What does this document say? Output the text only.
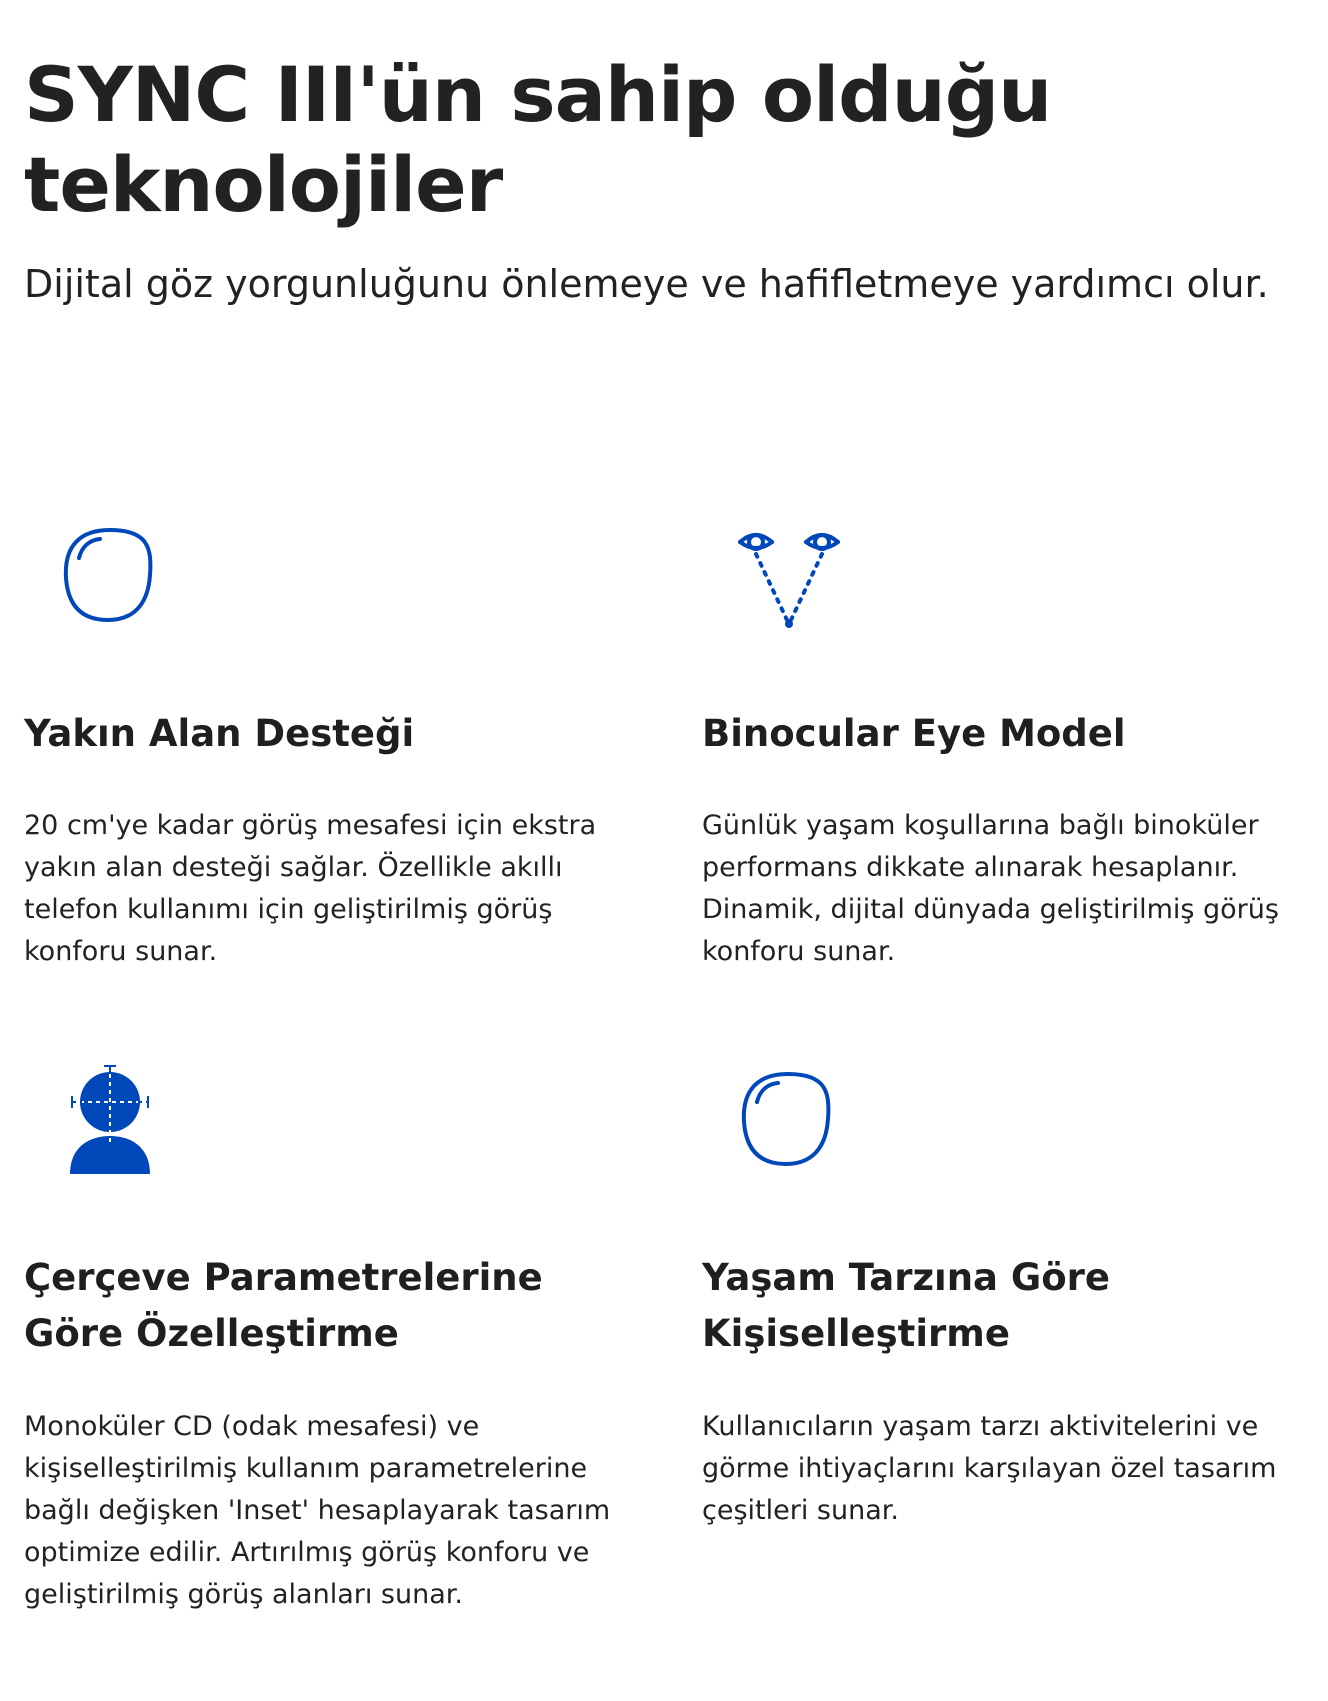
SYNC III'ün sahip olduğu teknolojiler

Dijital göz yorgunluğunu önlemeye ve hafifletmeye yardımcı olur.

Yakın Alan Desteği

20 cm'ye kadar görüş mesafesi için ekstra yakın alan desteği sağlar. Özellikle akıllı telefon kullanımı için geliştirilmiş görüş konforu sunar.

Binocular Eye Model

Günlük yaşam koşullarına bağlı binoküler performans dikkate alınarak hesaplanır. Dinamik, dijital dünyada geliştirilmiş görüş konforu sunar.

Çerçeve Parametrelerine Göre Özelleştirme

Monoküler CD (odak mesafesi) ve kişiselleştirilmiş kullanım parametrelerine bağlı değişken 'Inset' hesaplayarak tasarım optimize edilir. Artırılmış görüş konforu ve geliştirilmiş görüş alanları sunar.

Yaşam Tarzına Göre Kişiselleştirme

Kullanıcıların yaşam tarzı aktivitelerini ve görme ihtiyaçlarını karşılayan özel tasarım çeşitleri sunar.
